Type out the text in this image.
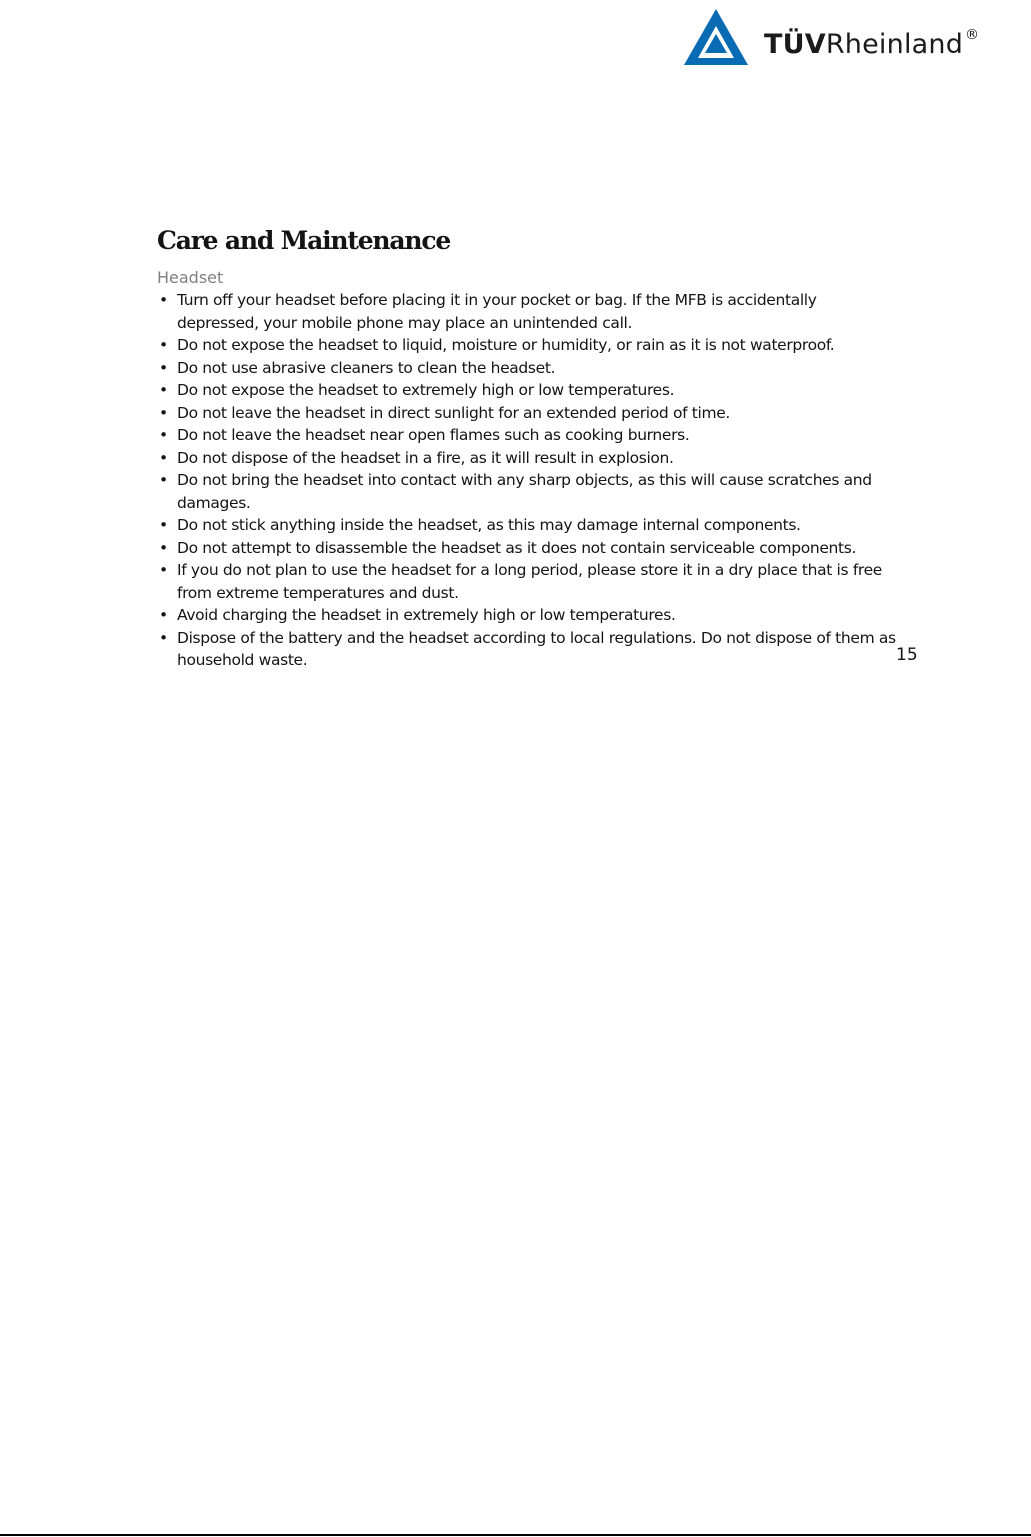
TÜVRheinland ®
Care and Maintenance
Headset
• Turn off your headset before placing it in your pocket or bag. If the MFB is accidentally depressed, your mobile phone may place an unintended call.
• Do not expose the headset to liquid, moisture or humidity, or rain as it is not waterproof.
• Do not use abrasive cleaners to clean the headset.
• Do not expose the headset to extremely high or low temperatures.
• Do not leave the headset in direct sunlight for an extended period of time.
• Do not leave the headset near open flames such as cooking burners.
• Do not dispose of the headset in a fire, as it will result in explosion.
• Do not bring the headset into contact with any sharp objects, as this will cause scratches and damages.
• Do not stick anything inside the headset, as this may damage internal components.
• Do not attempt to disassemble the headset as it does not contain serviceable components.
• If you do not plan to use the headset for a long period, please store it in a dry place that is free from extreme temperatures and dust.
• Avoid charging the headset in extremely high or low temperatures.
• Dispose of the battery and the headset according to local regulations. Do not dispose of them as household waste.	15
